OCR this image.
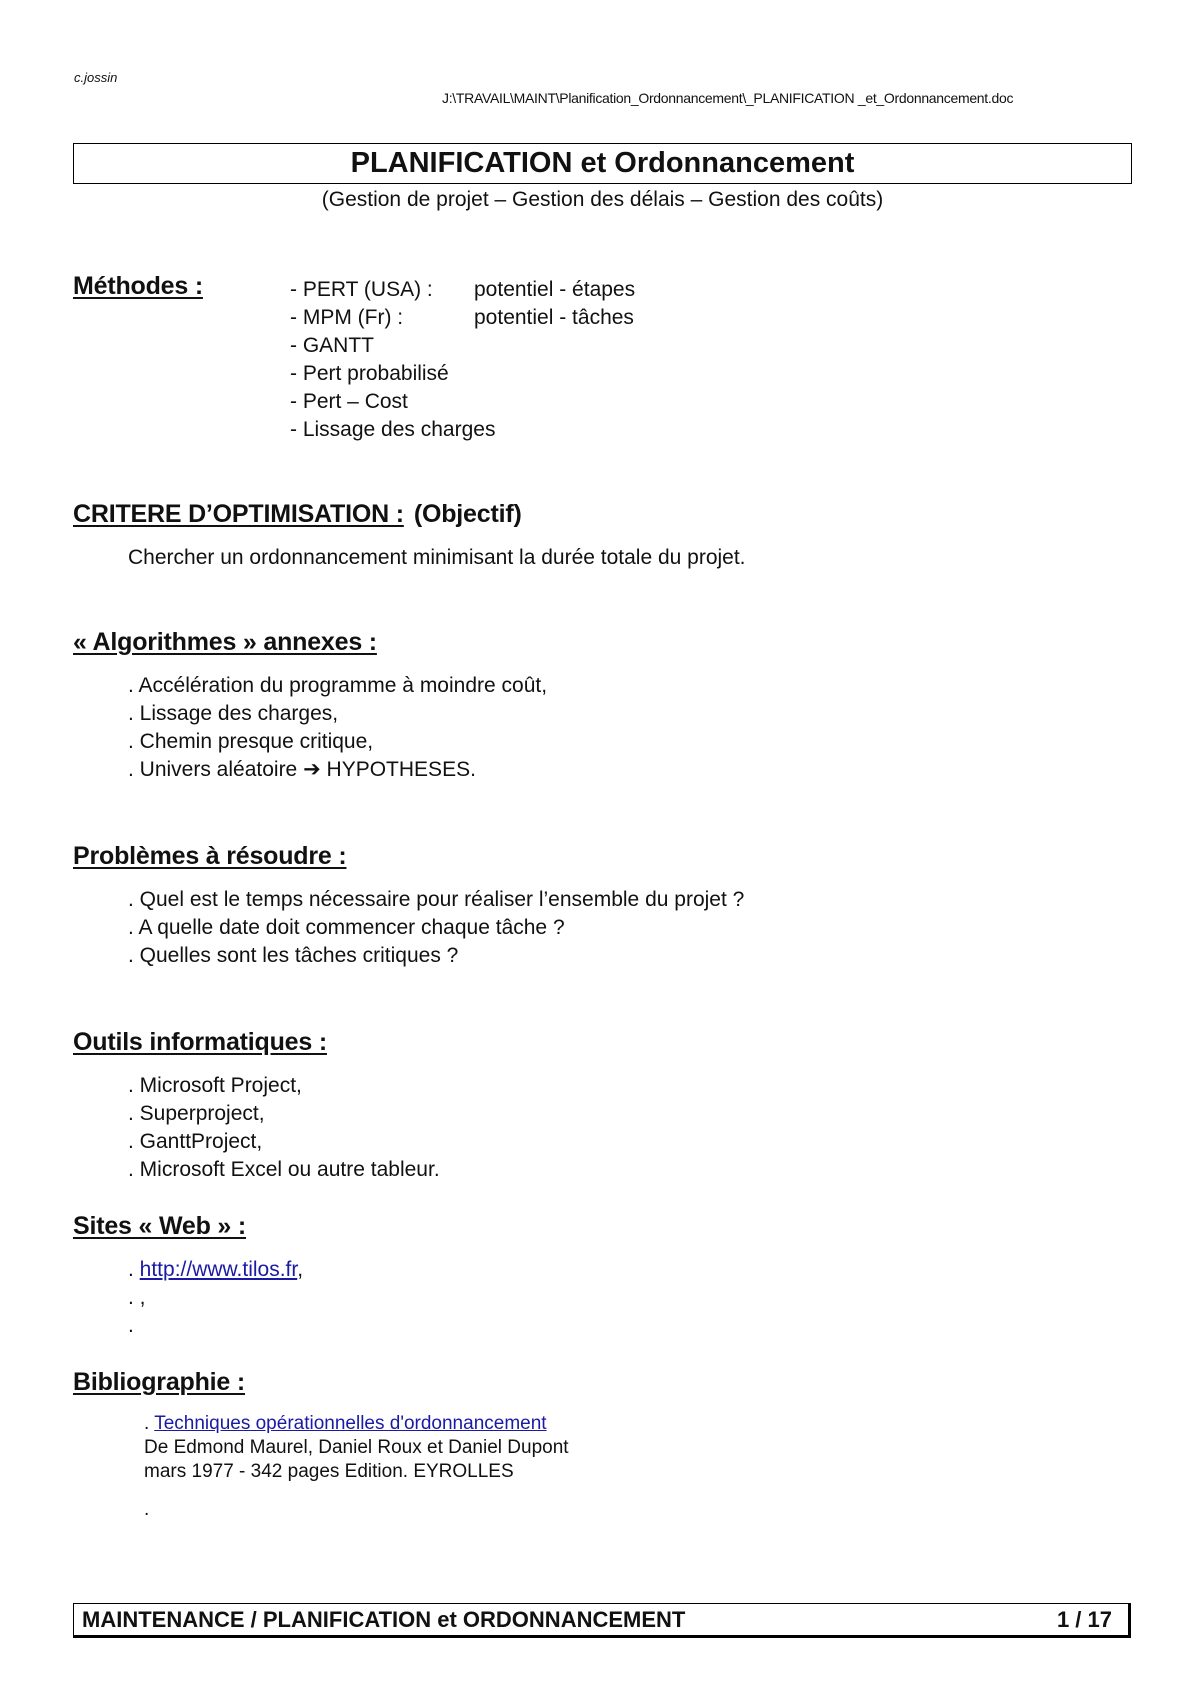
c.jossin
J:\TRAVAIL\MAINT\Planification_Ordonnancement\_PLANIFICATION _et_Ordonnancement.doc
PLANIFICATION et Ordonnancement
(Gestion de projet – Gestion des délais – Gestion des coûts)
Méthodes :	- PERT (USA) :	potentiel - étapes
- MPM (Fr) :	potentiel - tâches
- GANTT
- Pert probabilisé
- Pert – Cost
- Lissage des charges
CRITERE D’OPTIMISATION : (Objectif)
Chercher un ordonnancement minimisant la durée totale du projet.
« Algorithmes » annexes :
. Accélération du programme à moindre coût,
. Lissage des charges,
. Chemin presque critique,
. Univers aléatoire ➔ HYPOTHESES.
Problèmes à résoudre :
. Quel est le temps nécessaire pour réaliser l’ensemble du projet ?
. A quelle date doit commencer chaque tâche ?
. Quelles sont les tâches critiques ?
Outils informatiques :
. Microsoft Project,
. Superproject,
. GanttProject,
. Microsoft Excel ou autre tableur.
Sites « Web » :
. http://www.tilos.fr,
. ,
.
Bibliographie :
. Techniques opérationnelles d'ordonnancement
De Edmond Maurel, Daniel Roux et Daniel Dupont
mars 1977 - 342 pages Edition. EYROLLES
.
MAINTENANCE / PLANIFICATION et ORDONNANCEMENT	1 / 17
